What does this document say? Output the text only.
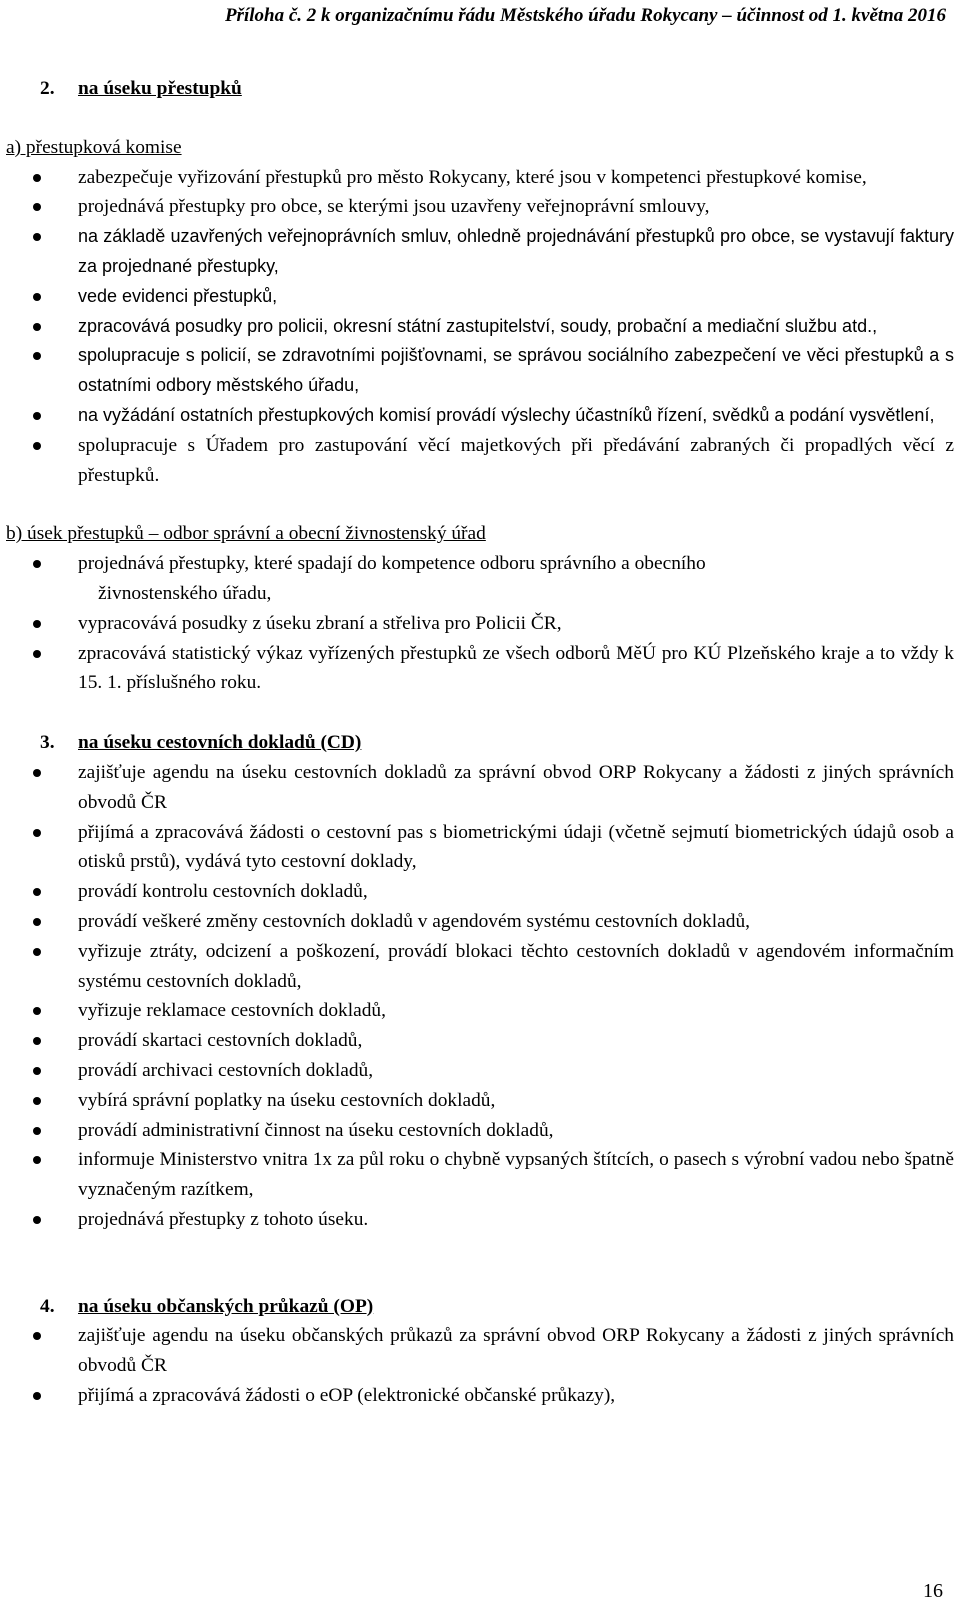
Příloha č. 2 k organizačnímu řádu Městského úřadu Rokycany – účinnost od 1. května 2016
2. na úseku přestupků
a) přestupková komise
zabezpečuje vyřizování přestupků pro město Rokycany, které jsou v kompetenci přestupkové komise,
projednává přestupky pro obce, se kterými jsou uzavřeny veřejnoprávní smlouvy,
na základě uzavřených veřejnoprávních smluv, ohledně projednávání přestupků pro obce, se vystavují faktury za projednané přestupky,
vede evidenci přestupků,
zpracovává posudky pro policii, okresní státní zastupitelství, soudy, probační a mediační službu atd.,
spolupracuje s policií, se zdravotními pojišťovnami, se správou sociálního zabezpečení ve věci přestupků a s ostatními odbory městského úřadu,
na vyžádání ostatních přestupkových komisí provádí výslechy účastníků řízení, svědků a podání vysvětlení,
spolupracuje s Úřadem pro zastupování věcí majetkových při předávání zabraných či propadlých věcí z přestupků.
b) úsek přestupků – odbor správní a obecní živnostenský úřad
projednává přestupky, které spadají do kompetence odboru správního a obecního
živnostenského úřadu,
vypracovává posudky z úseku zbraní a střeliva pro Policii ČR,
zpracovává statistický výkaz vyřízených přestupků ze všech odborů MěÚ pro KÚ Plzeňského kraje a to vždy k 15. 1. příslušného roku.
3. na úseku cestovních dokladů (CD)
zajišťuje agendu na úseku cestovních dokladů za správní obvod ORP Rokycany a žádosti z jiných správních obvodů ČR
přijímá a zpracovává žádosti o cestovní pas s biometrickými údaji (včetně sejmutí biometrických údajů osob a otisků prstů), vydává tyto cestovní doklady,
provádí kontrolu cestovních dokladů,
provádí veškeré změny cestovních dokladů v agendovém systému cestovních dokladů,
vyřizuje ztráty, odcizení a poškození, provádí blokaci těchto cestovních dokladů v agendovém informačním systému cestovních dokladů,
vyřizuje reklamace cestovních dokladů,
provádí skartaci cestovních dokladů,
provádí archivaci cestovních dokladů,
vybírá správní poplatky na úseku cestovních dokladů,
provádí administrativní činnost na úseku cestovních dokladů,
informuje Ministerstvo vnitra 1x za půl roku o chybně vypsaných štítcích, o pasech s výrobní vadou nebo špatně vyznačeným razítkem,
projednává přestupky z tohoto úseku.
4. na úseku občanských průkazů (OP)
zajišťuje agendu na úseku občanských průkazů za správní obvod ORP Rokycany a žádosti z jiných správních obvodů ČR
přijímá a zpracovává žádosti o eOP (elektronické občanské průkazy),
16
